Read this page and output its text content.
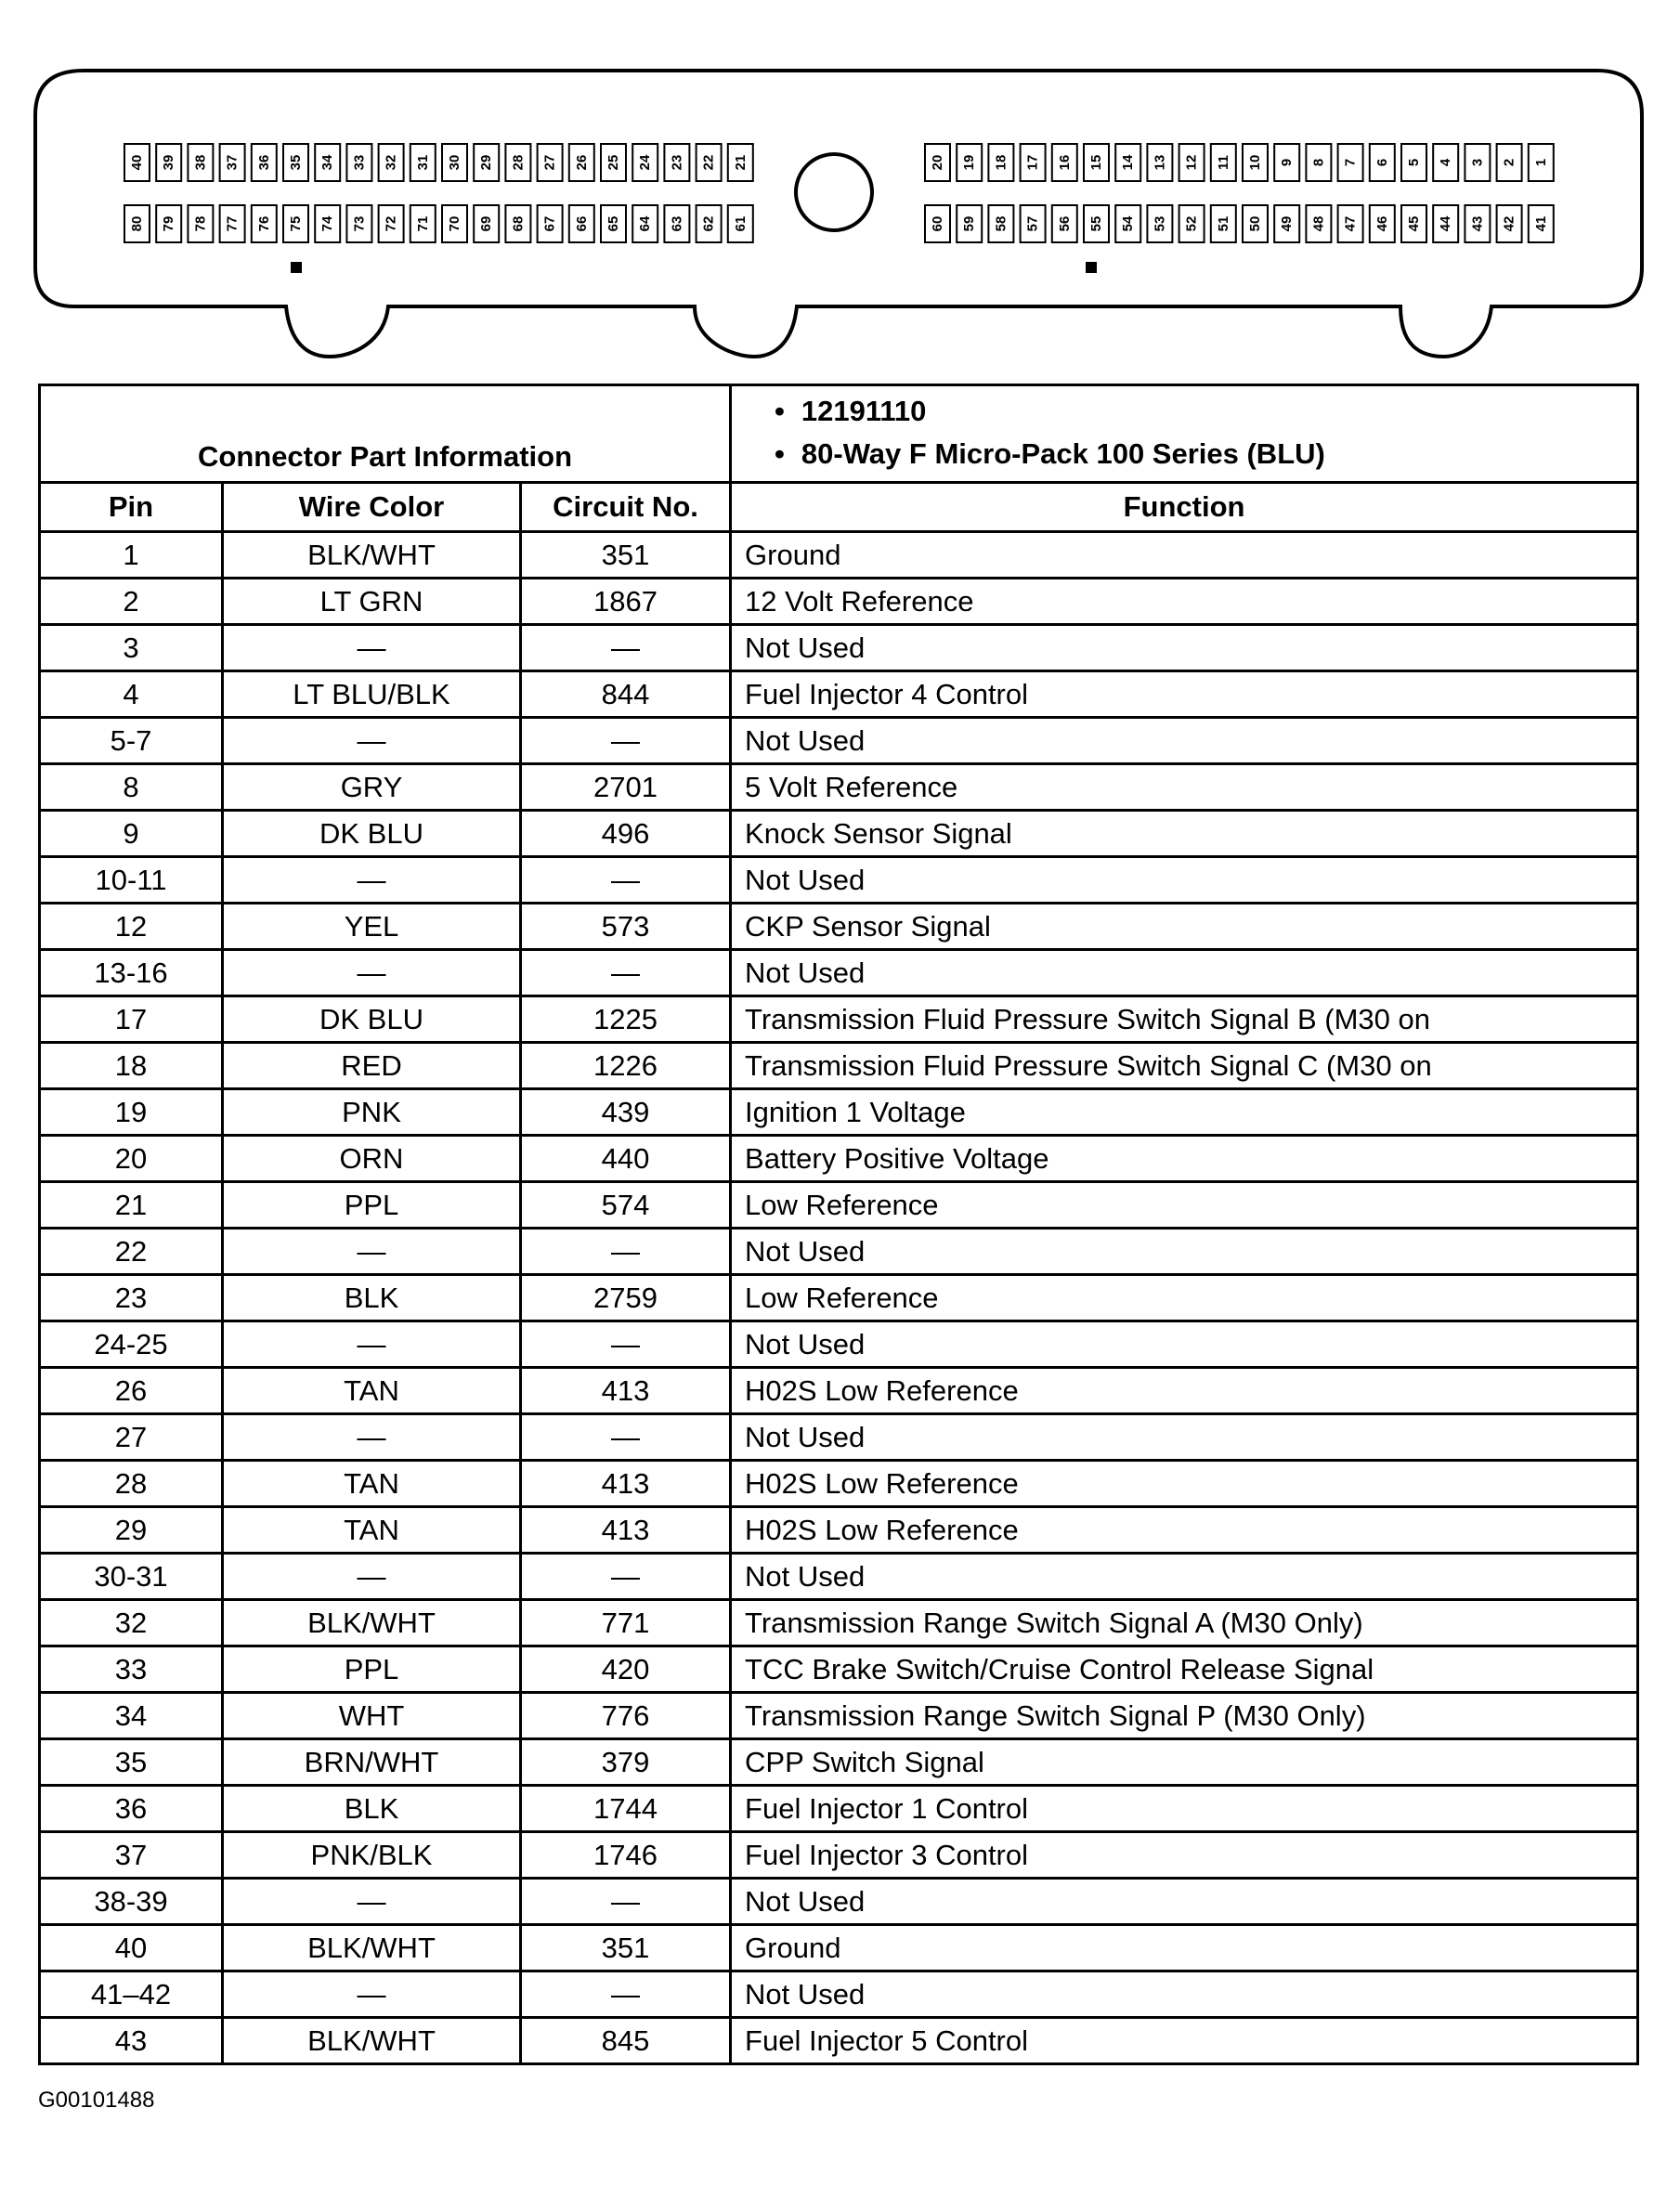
40 39 38 37 36 35 34 33 32 31 30 29 28 27 26 25 24 23 22 21
80 79 78 77 76 75 74 73 72 71 70 69 68 67 66 65 64 63 62 61
20 19 18 17 16 15 14 13 12 11 10 9 8 7 6 5 4 3 2 1
60 59 58 57 56 55 54 53 52 51 50 49 48 47 46 45 44 43 42 41
Connector Part Information			• 12191110
• 80-Way F Micro-Pack 100 Series (BLU)

Pin	Wire Color	Circuit No.	Function
1	BLK/WHT	351	Ground
2	LT GRN	1867	12 Volt Reference
3	—	—	Not Used
4	LT BLU/BLK	844	Fuel Injector 4 Control
5-7	—	—	Not Used
8	GRY	2701	5 Volt Reference
9	DK BLU	496	Knock Sensor Signal
10-11	—	—	Not Used
12	YEL	573	CKP Sensor Signal
13-16	—	—	Not Used
17	DK BLU	1225	Transmission Fluid Pressure Switch Signal B (M30 on
18	RED	1226	Transmission Fluid Pressure Switch Signal C (M30 on
19	PNK	439	Ignition 1 Voltage
20	ORN	440	Battery Positive Voltage
21	PPL	574	Low Reference
22	—	—	Not Used
23	BLK	2759	Low Reference
24-25	—	—	Not Used
26	TAN	413	H02S Low Reference
27	—	—	Not Used
28	TAN	413	H02S Low Reference
29	TAN	413	H02S Low Reference
30-31	—	—	Not Used
32	BLK/WHT	771	Transmission Range Switch Signal A (M30 Only)
33	PPL	420	TCC Brake Switch/Cruise Control Release Signal
34	WHT	776	Transmission Range Switch Signal P (M30 Only)
35	BRN/WHT	379	CPP Switch Signal
36	BLK	1744	Fuel Injector 1 Control
37	PNK/BLK	1746	Fuel Injector 3 Control
38-39	—	—	Not Used
40	BLK/WHT	351	Ground
41–42	—	—	Not Used
43	BLK/WHT	845	Fuel Injector 5 Control
G00101488
